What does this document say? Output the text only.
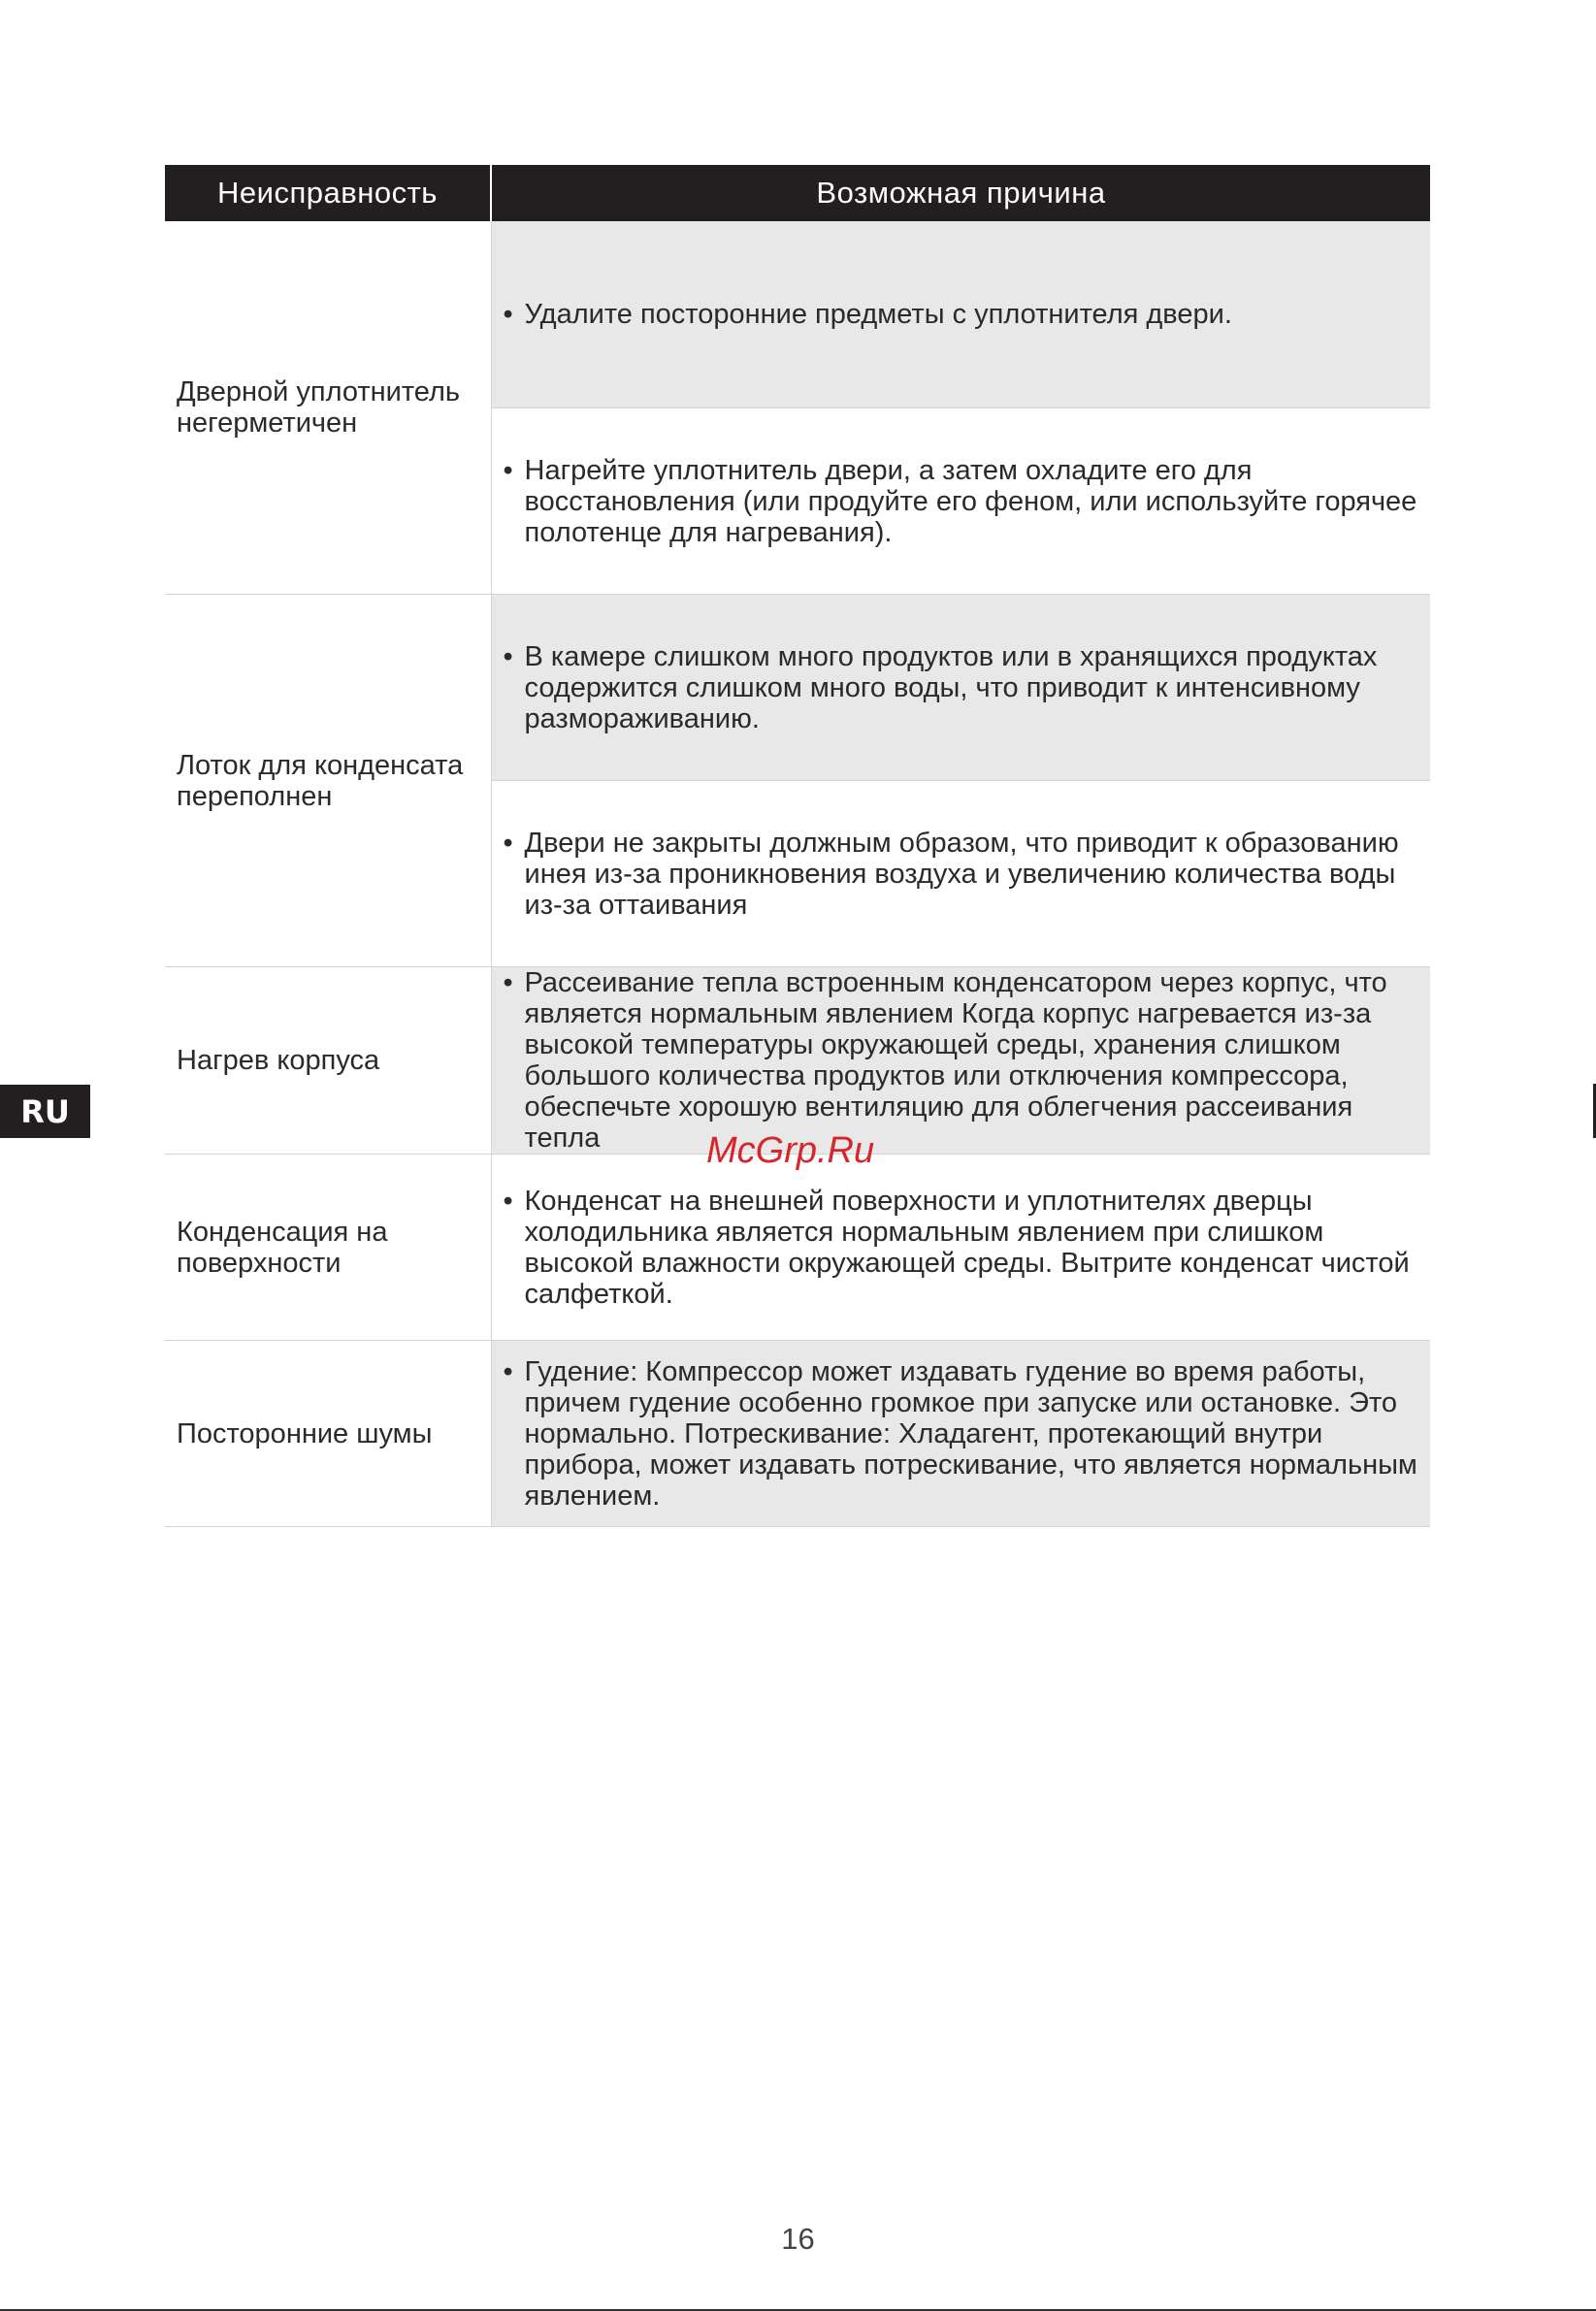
RU
Неисправность	Возможная причина
Дверной уплотнитель негерметичен	• Удалите посторонние предметы с уплотнителя двери.

	• Нагрейте уплотнитель двери, а затем охладите его для восстановления (или продуйте его феном, или используйте горячее полотенце для нагревания).

Лоток для конденсата переполнен	• В камере слишком много продуктов или в хранящихся продуктах содержится слишком много воды, что приводит к интенсивному размораживанию.

	• Двери не закрыты должным образом, что приводит к образованию инея из-за проникновения воздуха и увеличению количества воды из-за оттаивания

Нагрев корпуса	• Рассеивание тепла встроенным конденсатором через корпус, что является нормальным явлением Когда корпус нагревается из-за высокой температуры окружающей среды, хранения слишком большого количества продуктов или отключения компрессора, обеспечьте хорошую вентиляцию для облегчения рассеивания тепла

Конденсация на поверхности	• Конденсат на внешней поверхности и уплотнителях дверцы холодильника является нормальным явлением при слишком высокой влажности окружающей среды. Вытрите конденсат чистой салфеткой.

Посторонние шумы	• Гудение: Компрессор может издавать гудение во время работы, причем гудение особенно громкое при запуске или остановке. Это нормально. Потрескивание: Хладагент, протекающий внутри прибора, может издавать потрескивание, что является нормальным явлением.
McGrp.Ru
16
